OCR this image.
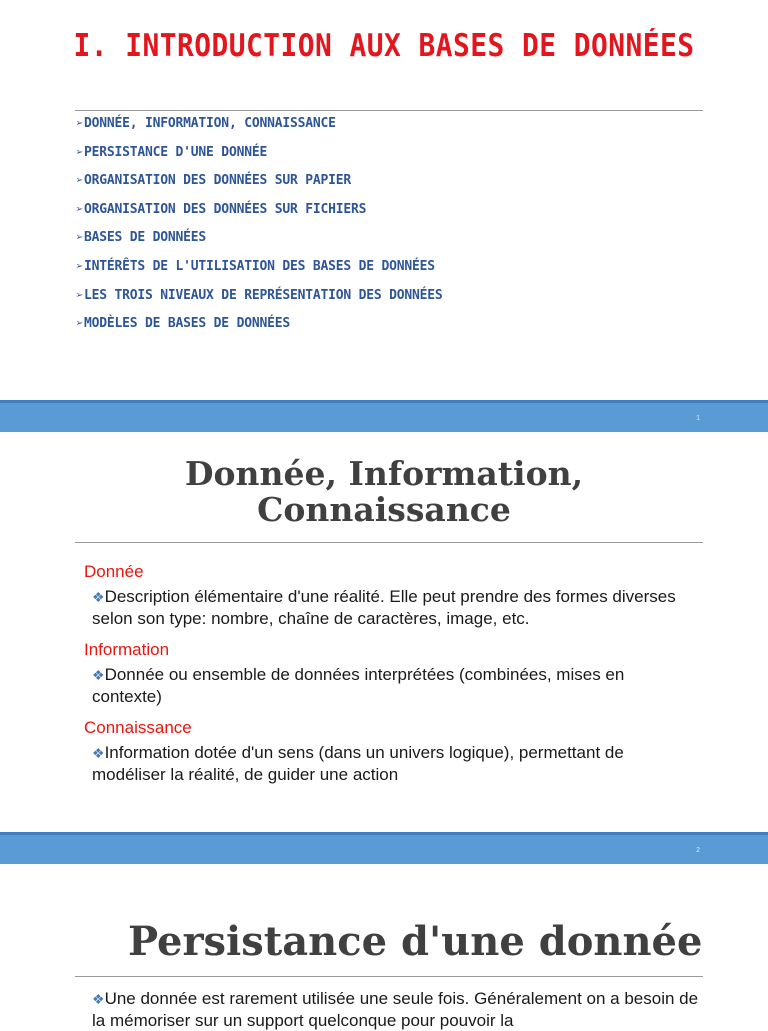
I. INTRODUCTION AUX BASES DE DONNÉES
➢ DONNÉE, INFORMATION, CONNAISSANCE
➢ PERSISTANCE D'UNE DONNÉE
➢ ORGANISATION DES DONNÉES SUR PAPIER
➢ ORGANISATION DES DONNÉES SUR FICHIERS
➢ BASES DE DONNÉES
➢ INTÉRÊTS DE L'UTILISATION DES BASES DE DONNÉES
➢ LES TROIS NIVEAUX DE REPRÉSENTATION DES DONNÉES
➢ MODÈLES DE BASES DE DONNÉES
1
Donnée, Information,
Connaissance
Donnée
❖Description élémentaire d'une réalité. Elle peut prendre des formes diverses selon son type: nombre, chaîne de caractères, image, etc.
Information
❖Donnée ou ensemble de données interprétées (combinées, mises en contexte)
Connaissance
❖Information dotée d'un sens (dans un univers logique), permettant de modéliser la réalité, de guider une action
2
Persistance d'une donnée
❖Une donnée est rarement utilisée une seule fois. Généralement on a besoin de la mémoriser sur un support quelconque pour pouvoir la
